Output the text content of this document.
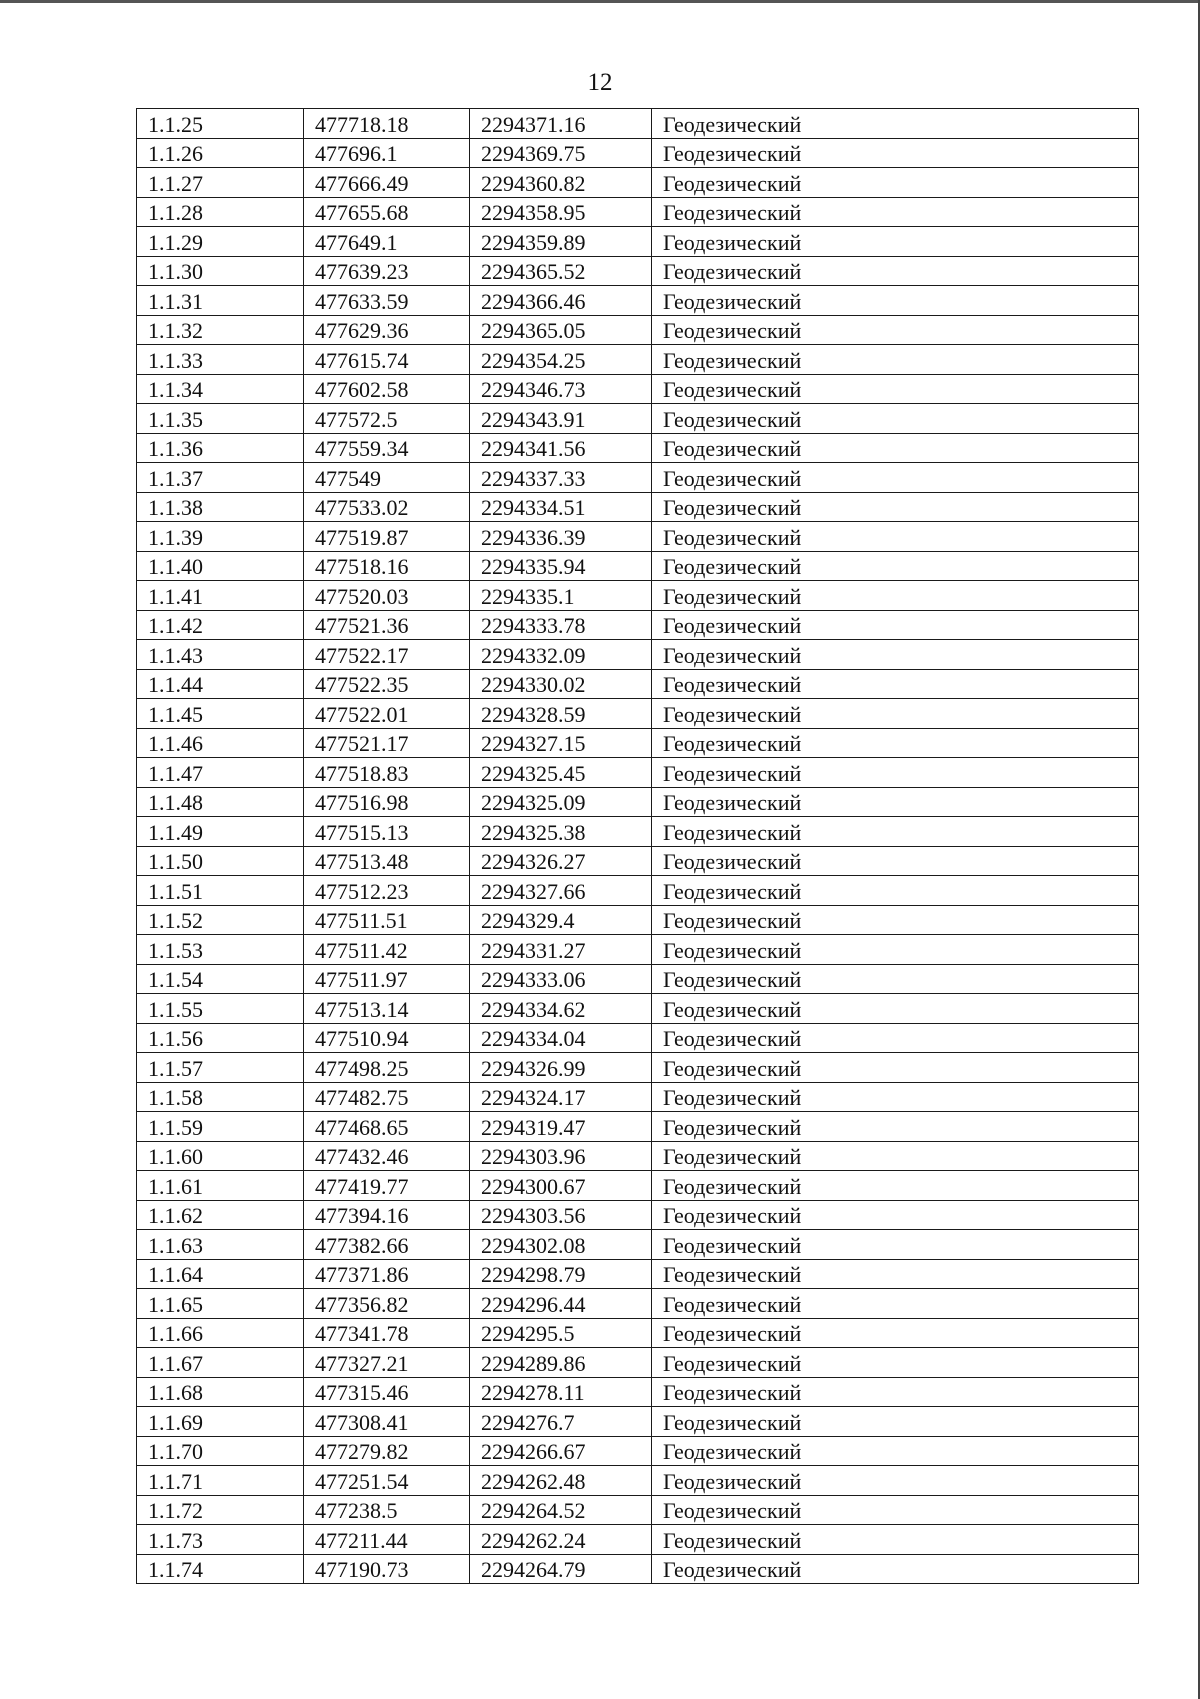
12
1.1.25	477718.18	2294371.16	Геодезический
1.1.26	477696.1	2294369.75	Геодезический
1.1.27	477666.49	2294360.82	Геодезический
1.1.28	477655.68	2294358.95	Геодезический
1.1.29	477649.1	2294359.89	Геодезический
1.1.30	477639.23	2294365.52	Геодезический
1.1.31	477633.59	2294366.46	Геодезический
1.1.32	477629.36	2294365.05	Геодезический
1.1.33	477615.74	2294354.25	Геодезический
1.1.34	477602.58	2294346.73	Геодезический
1.1.35	477572.5	2294343.91	Геодезический
1.1.36	477559.34	2294341.56	Геодезический
1.1.37	477549	2294337.33	Геодезический
1.1.38	477533.02	2294334.51	Геодезический
1.1.39	477519.87	2294336.39	Геодезический
1.1.40	477518.16	2294335.94	Геодезический
1.1.41	477520.03	2294335.1	Геодезический
1.1.42	477521.36	2294333.78	Геодезический
1.1.43	477522.17	2294332.09	Геодезический
1.1.44	477522.35	2294330.02	Геодезический
1.1.45	477522.01	2294328.59	Геодезический
1.1.46	477521.17	2294327.15	Геодезический
1.1.47	477518.83	2294325.45	Геодезический
1.1.48	477516.98	2294325.09	Геодезический
1.1.49	477515.13	2294325.38	Геодезический
1.1.50	477513.48	2294326.27	Геодезический
1.1.51	477512.23	2294327.66	Геодезический
1.1.52	477511.51	2294329.4	Геодезический
1.1.53	477511.42	2294331.27	Геодезический
1.1.54	477511.97	2294333.06	Геодезический
1.1.55	477513.14	2294334.62	Геодезический
1.1.56	477510.94	2294334.04	Геодезический
1.1.57	477498.25	2294326.99	Геодезический
1.1.58	477482.75	2294324.17	Геодезический
1.1.59	477468.65	2294319.47	Геодезический
1.1.60	477432.46	2294303.96	Геодезический
1.1.61	477419.77	2294300.67	Геодезический
1.1.62	477394.16	2294303.56	Геодезический
1.1.63	477382.66	2294302.08	Геодезический
1.1.64	477371.86	2294298.79	Геодезический
1.1.65	477356.82	2294296.44	Геодезический
1.1.66	477341.78	2294295.5	Геодезический
1.1.67	477327.21	2294289.86	Геодезический
1.1.68	477315.46	2294278.11	Геодезический
1.1.69	477308.41	2294276.7	Геодезический
1.1.70	477279.82	2294266.67	Геодезический
1.1.71	477251.54	2294262.48	Геодезический
1.1.72	477238.5	2294264.52	Геодезический
1.1.73	477211.44	2294262.24	Геодезический
1.1.74	477190.73	2294264.79	Геодезический
